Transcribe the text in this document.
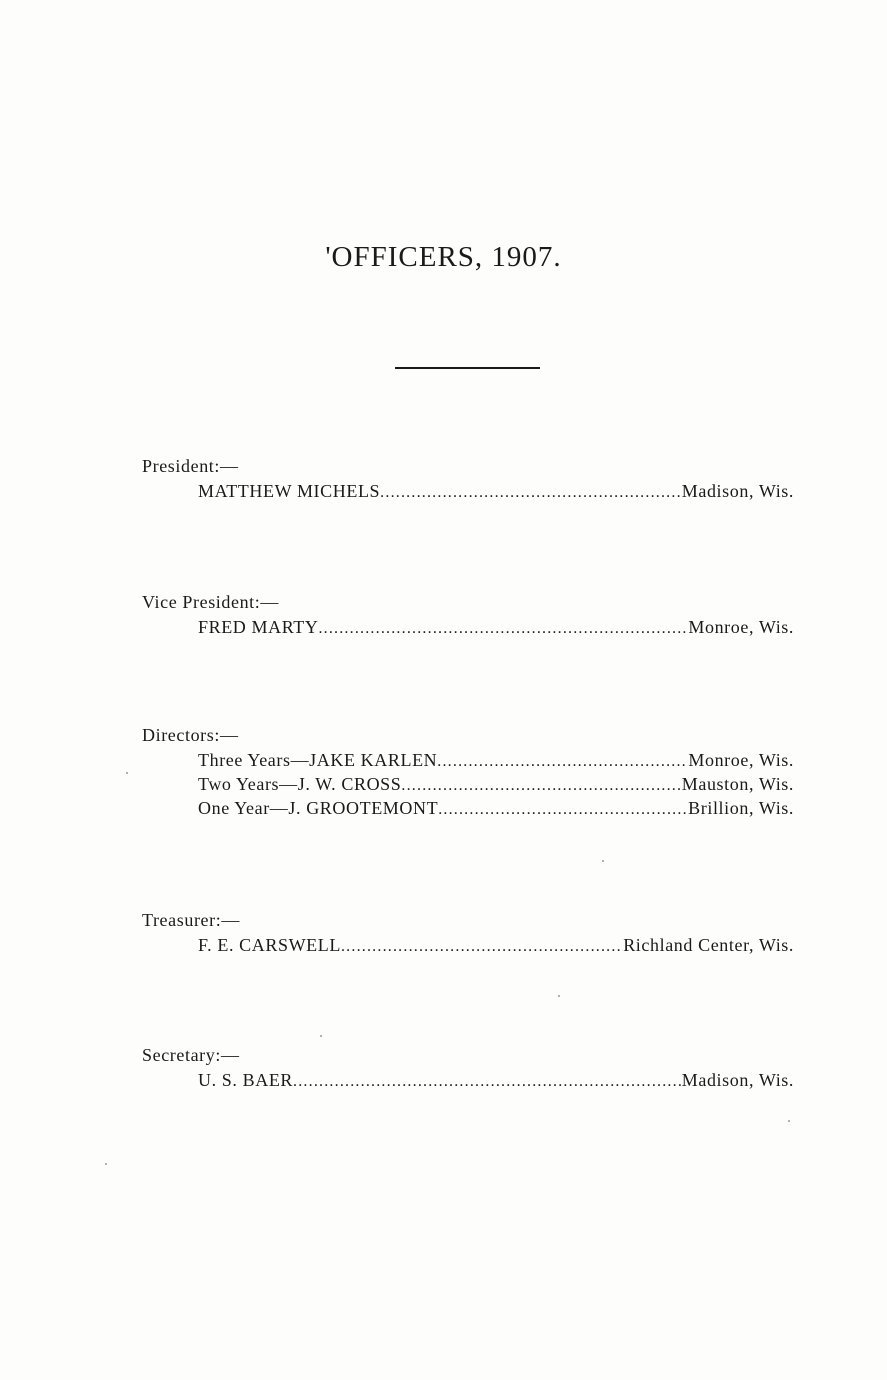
'OFFICERS, 1907.
President:—
MATTHEW MICHELS .....	Madison, Wis.
Vice President:—
FRED MARTY .....	Monroe, Wis.
Directors:—
Three Years—JAKE KARLEN .....	Monroe, Wis.
Two Years—J. W. CROSS .....	Mauston, Wis.
One Year—J. GROOTEMONT .....	Brillion, Wis.
Treasurer:—
F. E. CARSWELL .....	Richland Center, Wis.
Secretary:—
U. S. BAER .....	Madison, Wis.
